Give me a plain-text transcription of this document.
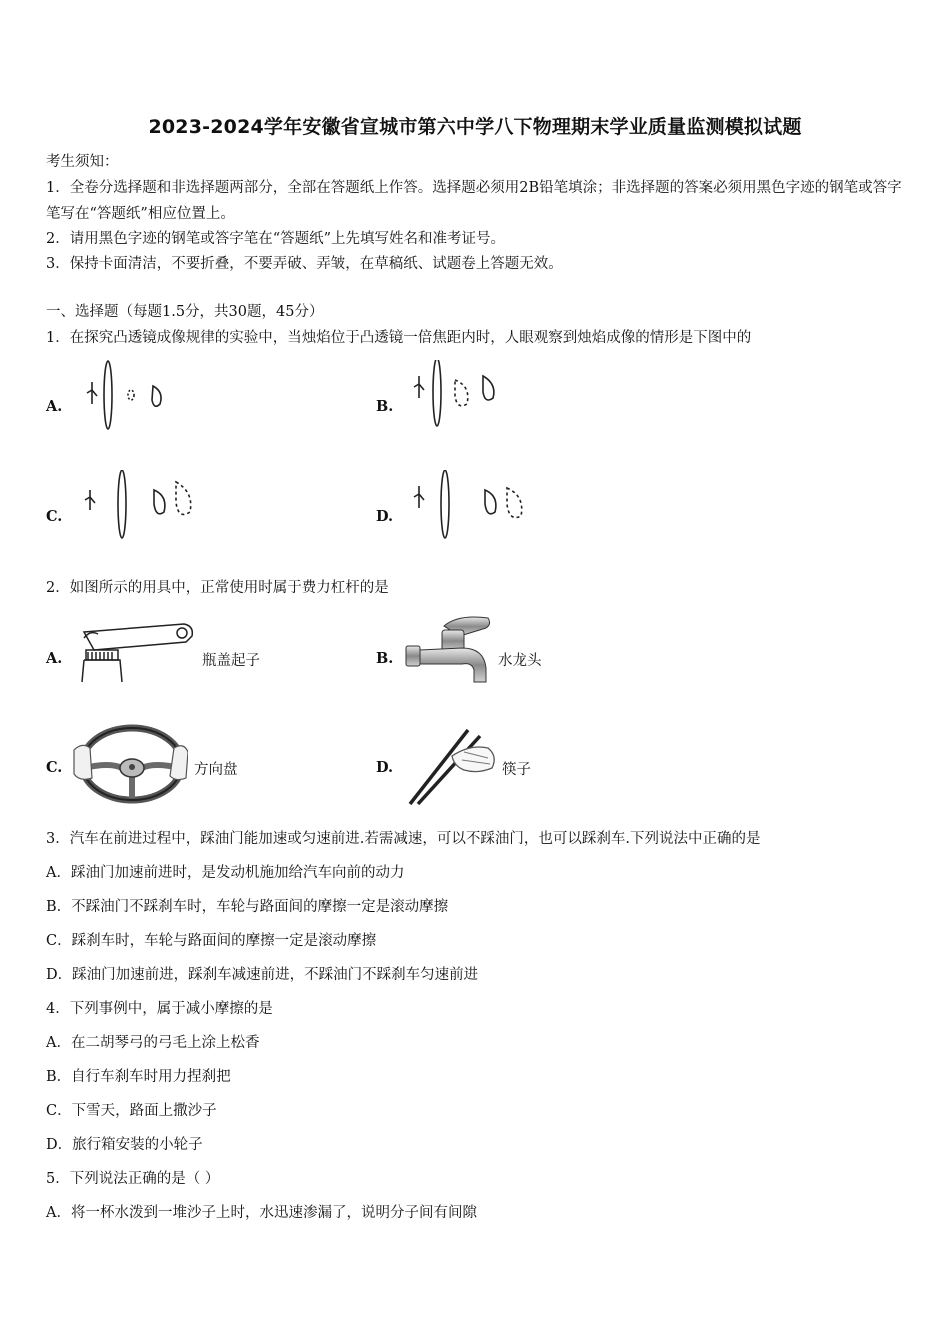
2023-2024学年安徽省宣城市第六中学八下物理期末学业质量监测模拟试题
考生须知：
1．全卷分选择题和非选择题两部分，全部在答题纸上作答。选择题必须用2B铅笔填涂；非选择题的答案必须用黑色字迹的钢笔或答字笔写在“答题纸”相应位置上。
2．请用黑色字迹的钢笔或答字笔在“答题纸”上先填写姓名和准考证号。
3．保持卡面清洁，不要折叠，不要弄破、弄皱，在草稿纸、试题卷上答题无效。
一、选择题（每题1.5分，共30题，45分）
1．在探究凸透镜成像规律的实验中，当烛焰位于凸透镜一倍焦距内时，人眼观察到烛焰成像的情形是下图中的
A.	B.
C.	D.
2．如图所示的用具中，正常使用时属于费力杠杆的是
A.	瓶盖起子	B.	水龙头
C.	方向盘	D.	筷子
3．汽车在前进过程中，踩油门能加速或匀速前进.若需减速，可以不踩油门，也可以踩刹车.下列说法中正确的是
A．踩油门加速前进时，是发动机施加给汽车向前的动力
B．不踩油门不踩刹车时，车轮与路面间的摩擦一定是滚动摩擦
C．踩刹车时，车轮与路面间的摩擦一定是滚动摩擦
D．踩油门加速前进，踩刹车减速前进，不踩油门不踩刹车匀速前进
4．下列事例中，属于减小摩擦的是
A．在二胡琴弓的弓毛上涂上松香
B．自行车刹车时用力捏刹把
C．下雪天，路面上撒沙子
D．旅行箱安装的小轮子
5．下列说法正确的是（ ）
A．将一杯水泼到一堆沙子上时，水迅速渗漏了，说明分子间有间隙
